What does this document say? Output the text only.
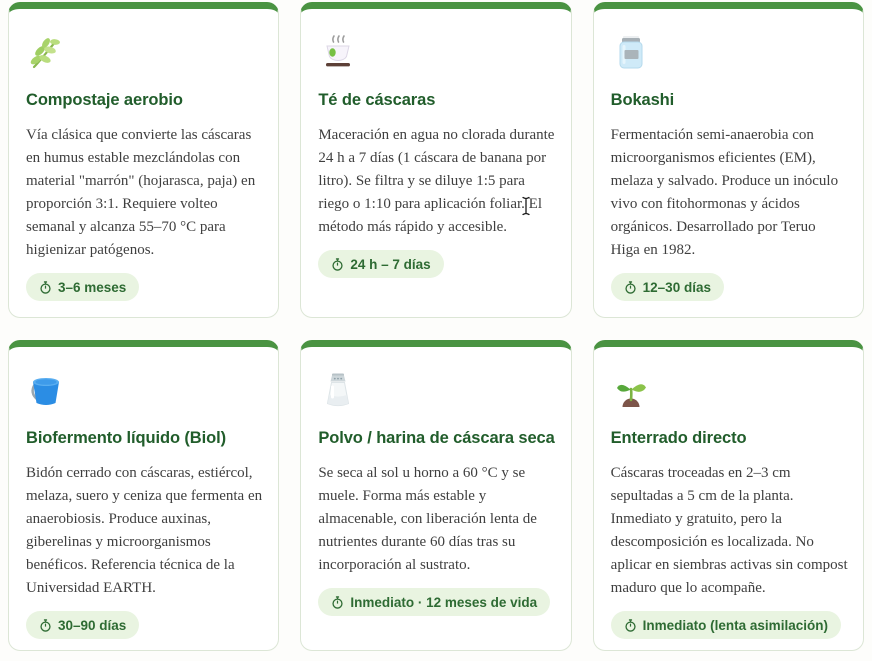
Compostaje aerobio

Vía clásica que convierte las cáscaras en humus estable mezclándolas con material "marrón" (hojarasca, paja) en proporción 3:1. Requiere volteo semanal y alcanza 55–70 °C para higienizar patógenos.

3–6 meses
Té de cáscaras

Maceración en agua no clorada durante 24 h a 7 días (1 cáscara de banana por litro). Se filtra y se diluye 1:5 para riego o 1:10 para aplicación foliar. El método más rápido y accesible.

24 h – 7 días
Bokashi

Fermentación semi-anaerobia con microorganismos eficientes (EM), melaza y salvado. Produce un inóculo vivo con fitohormonas y ácidos orgánicos. Desarrollado por Teruo Higa en 1982.

12–30 días
Biofermento líquido (Biol)

Bidón cerrado con cáscaras, estiércol, melaza, suero y ceniza que fermenta en anaerobiosis. Produce auxinas, giberelinas y microorganismos benéficos. Referencia técnica de la Universidad EARTH.

30–90 días
Polvo / harina de cáscara seca

Se seca al sol u horno a 60 °C y se muele. Forma más estable y almacenable, con liberación lenta de nutrientes durante 60 días tras su incorporación al sustrato.

Inmediato · 12 meses de vida
Enterrado directo

Cáscaras troceadas en 2–3 cm sepultadas a 5 cm de la planta. Inmediato y gratuito, pero la descomposición es localizada. No aplicar en siembras activas sin compost maduro que lo acompañe.

Inmediato (lenta asimilación)
